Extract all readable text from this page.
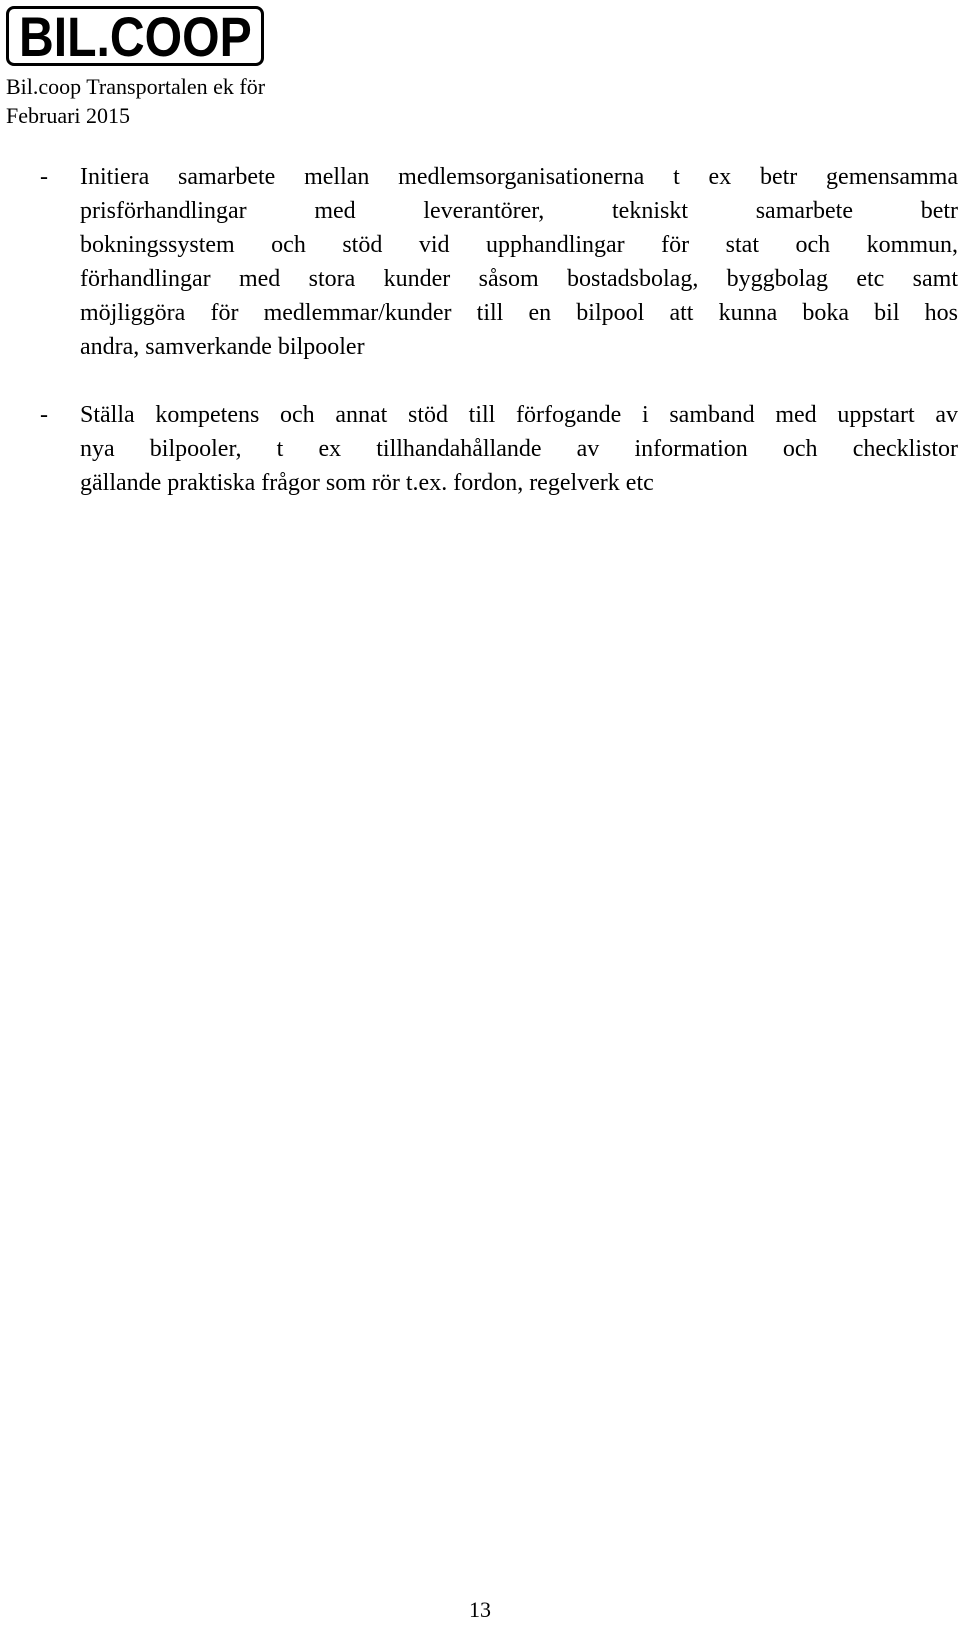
BIL.COOP
Bil.coop Transportalen ek för
Februari 2015
- Initiera samarbete mellan medlemsorganisationerna t ex betr gemensamma
prisförhandlingar med leverantörer, tekniskt samarbete betr
bokningssystem och stöd vid upphandlingar för stat och kommun,
förhandlingar med stora kunder såsom bostadsbolag, byggbolag etc samt
möjliggöra för medlemmar/kunder till en bilpool att kunna boka bil hos
andra, samverkande bilpooler
- Ställa kompetens och annat stöd till förfogande i samband med uppstart av
nya bilpooler, t ex tillhandahållande av information och checklistor
gällande praktiska frågor som rör t.ex. fordon, regelverk etc
13
